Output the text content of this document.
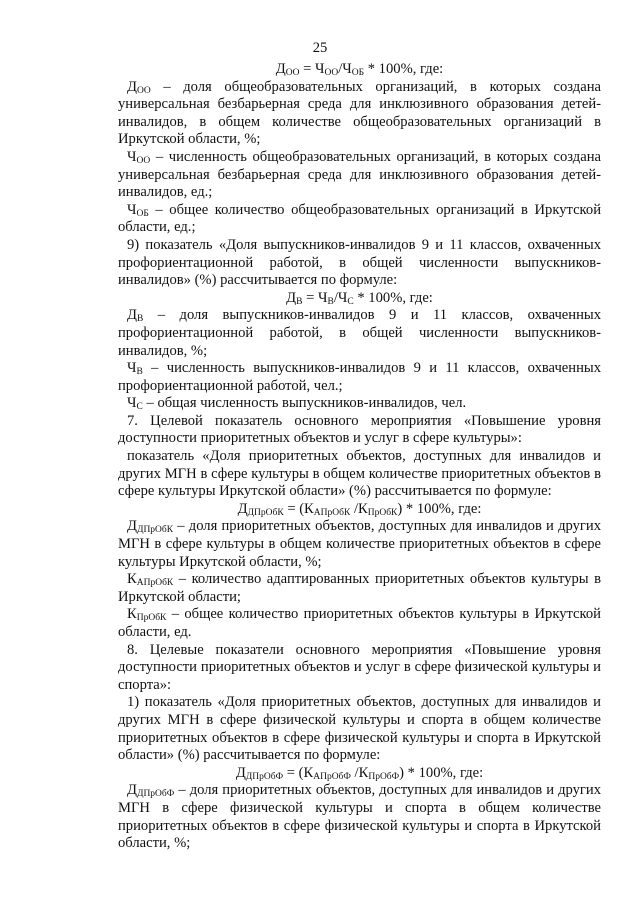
25

$Д_{ОО} = Ч_{ОО}/Ч_{ОБ} * 100\%$, где:

$Д_{ОО}$ – доля общеобразовательных организаций, в которых создана универсальная безбарьерная среда для инклюзивного образования детей-инвалидов, в общем количестве общеобразовательных организаций в Иркутской области, %;

$Ч_{ОО}$ – численность общеобразовательных организаций, в которых создана универсальная безбарьерная среда для инклюзивного образования детей-инвалидов, ед.;

$Ч_{ОБ}$ – общее количество общеобразовательных организаций в Иркутской области, ед.;

9) показатель «Доля выпускников-инвалидов 9 и 11 классов, охваченных профориентационной работой, в общей численности выпускников-инвалидов» (%) рассчитывается по формуле:

$Д_В = Ч_В/Ч_С * 100\%$, где:

$Д_В$ – доля выпускников-инвалидов 9 и 11 классов, охваченных профориентационной работой, в общей численности выпускников-инвалидов, %;

$Ч_В$ – численность выпускников-инвалидов 9 и 11 классов, охваченных профориентационной работой, чел.;

$Ч_С$ – общая численность выпускников-инвалидов, чел.

7. Целевой показатель основного мероприятия «Повышение уровня доступности приоритетных объектов и услуг в сфере культуры»:

показатель «Доля приоритетных объектов, доступных для инвалидов и других МГН в сфере культуры в общем количестве приоритетных объектов в сфере культуры Иркутской области» (%) рассчитывается по формуле:

$Д_{ДПрОбК} = (К_{АПрОбК}$ $/К_{ПрОбК}) * 100\%$, где:

$Д_{ДПрОбК}$ – доля приоритетных объектов, доступных для инвалидов и других МГН в сфере культуры в общем количестве приоритетных объектов в сфере культуры Иркутской области, %;

$К_{АПрОбК}$ – количество адаптированных приоритетных объектов культуры в Иркутской области;

$К_{ПрОбК}$ – общее количество приоритетных объектов культуры в Иркутской области, ед.

8. Целевые показатели основного мероприятия «Повышение уровня доступности приоритетных объектов и услуг в сфере физической культуры и спорта»:

1) показатель «Доля приоритетных объектов, доступных для инвалидов и других МГН в сфере физической культуры и спорта в общем количестве приоритетных объектов в сфере физической культуры и спорта в Иркутской области» (%) рассчитывается по формуле:

$Д_{ДПрОбФ} = (К_{АПрОбФ}$ $/К_{ПрОбФ}) * 100\%$, где:

$Д_{ДПрОбФ}$ – доля приоритетных объектов, доступных для инвалидов и других МГН в сфере физической культуры и спорта в общем количестве приоритетных объектов в сфере физической культуры и спорта в Иркутской области, %;
